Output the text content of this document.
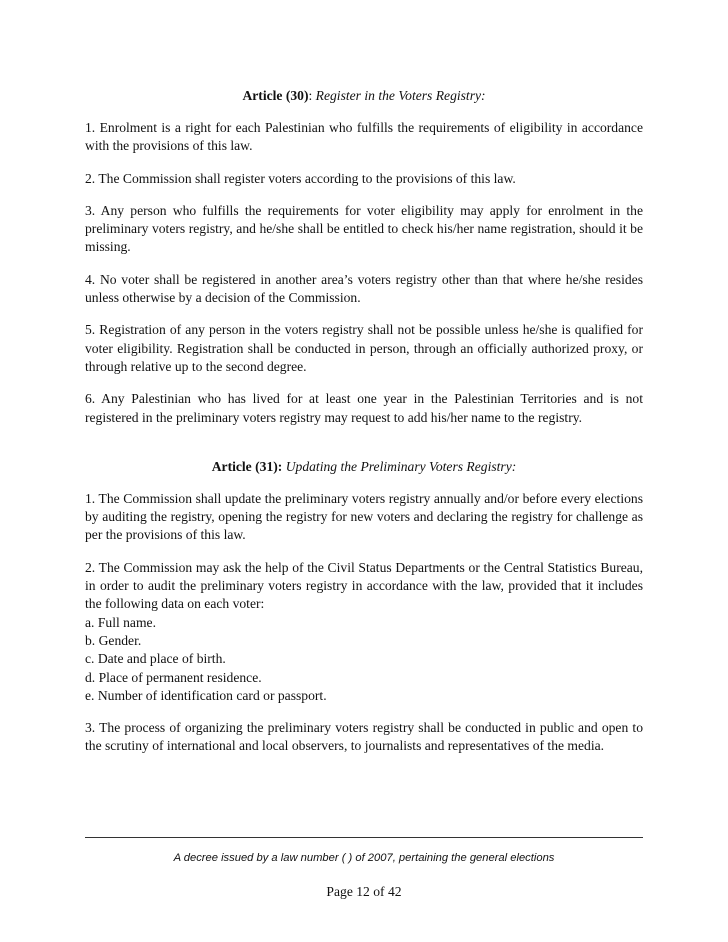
Article (30): Register in the Voters Registry:

1. Enrolment is a right for each Palestinian who fulfills the requirements of eligibility in accordance with the provisions of this law.

2. The Commission shall register voters according to the provisions of this law.

3. Any person who fulfills the requirements for voter eligibility may apply for enrolment in the preliminary voters registry, and he/she shall be entitled to check his/her name registration, should it be missing.

4. No voter shall be registered in another area’s voters registry other than that where he/she resides unless otherwise by a decision of the Commission.

5. Registration of any person in the voters registry shall not be possible unless he/she is qualified for voter eligibility. Registration shall be conducted in person, through an officially authorized proxy, or through relative up to the second degree.

6. Any Palestinian who has lived for at least one year in the Palestinian Territories and is not registered in the preliminary voters registry may request to add his/her name to the registry.

Article (31): Updating the Preliminary Voters Registry:

1. The Commission shall update the preliminary voters registry annually and/or before every elections by auditing the registry, opening the registry for new voters and declaring the registry for challenge as per the provisions of this law.

2. The Commission may ask the help of the Civil Status Departments or the Central Statistics Bureau, in order to audit the preliminary voters registry in accordance with the law, provided that it includes the following data on each voter:
a. Full name.
b. Gender.
c. Date and place of birth.
d. Place of permanent residence.
e. Number of identification card or passport.

3. The process of organizing the preliminary voters registry shall be conducted in public and open to the scrutiny of international and local observers, to journalists and representatives of the media.

A decree issued by a law number ( ) of 2007, pertaining the general elections
Page 12 of 42
